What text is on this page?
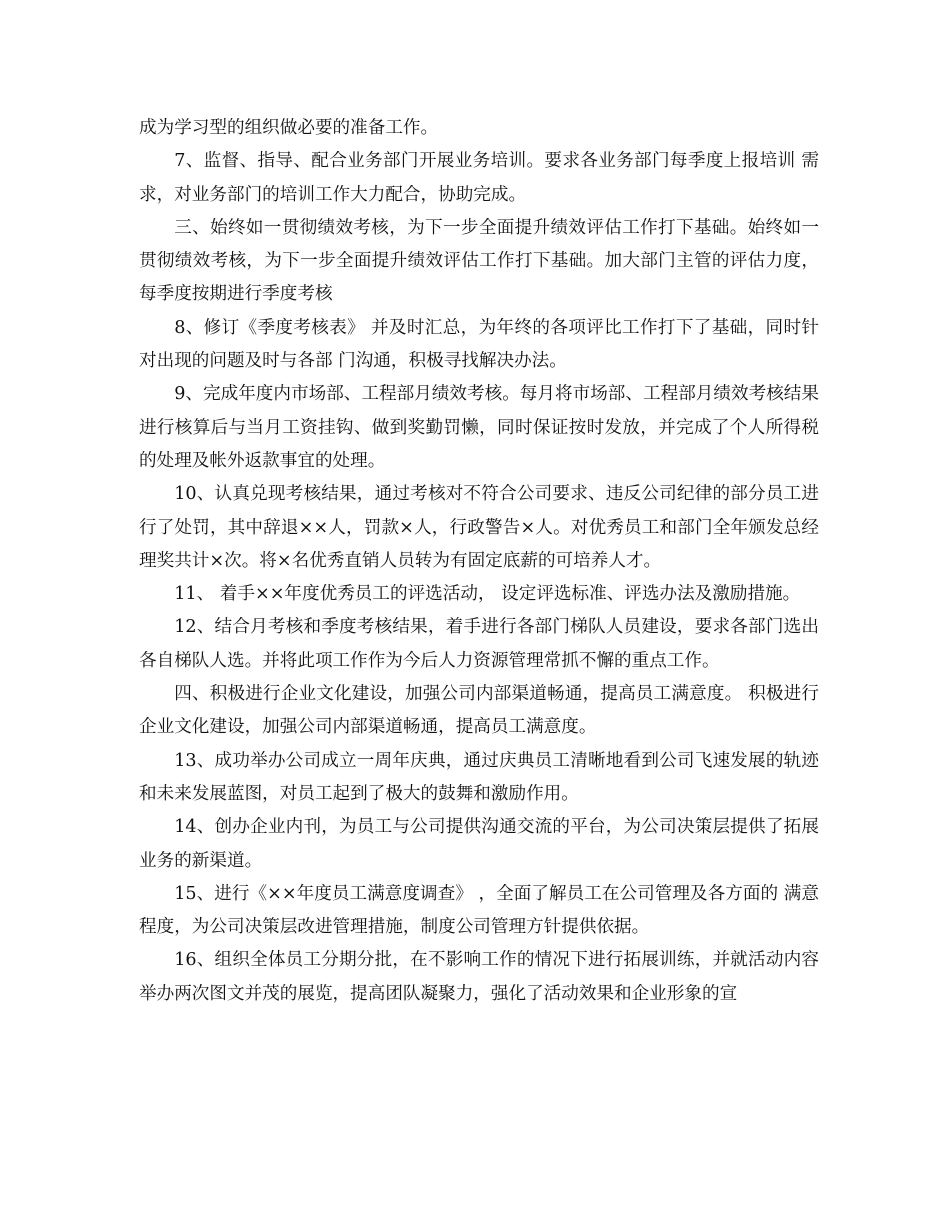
成为学习型的组织做必要的准备工作。

7、监督、指导、配合业务部门开展业务培训。要求各业务部门每季度上报培训 需求，对业务部门的培训工作大力配合，协助完成。

三、始终如一贯彻绩效考核，为下一步全面提升绩效评估工作打下基础。始终如一贯彻绩效考核，为下一步全面提升绩效评估工作打下基础。加大部门主管的评估力度，每季度按期进行季度考核

8、修订《季度考核表》 并及时汇总，为年终的各项评比工作打下了基础，同时针对出现的问题及时与各部 门沟通，积极寻找解决办法。

9、完成年度内市场部、工程部月绩效考核。每月将市场部、工程部月绩效考核结果进行核算后与当月工资挂钩、做到奖勤罚懒，同时保证按时发放，并完成了个人所得税的处理及帐外返款事宜的处理。

10、认真兑现考核结果，通过考核对不符合公司要求、违反公司纪律的部分员工进行了处罚，其中辞退××人，罚款×人，行政警告×人。对优秀员工和部门全年颁发总经理奖共计×次。将×名优秀直销人员转为有固定底薪的可培养人才。

11、 着手××年度优秀员工的评选活动， 设定评选标准、评选办法及激励措施。

12、结合月考核和季度考核结果，着手进行各部门梯队人员建设，要求各部门选出各自梯队人选。并将此项工作作为今后人力资源管理常抓不懈的重点工作。

四、积极进行企业文化建设，加强公司内部渠道畅通，提高员工满意度。 积极进行企业文化建设，加强公司内部渠道畅通，提高员工满意度。

13、成功举办公司成立一周年庆典，通过庆典员工清晰地看到公司飞速发展的轨迹和未来发展蓝图，对员工起到了极大的鼓舞和激励作用。

14、创办企业内刊，为员工与公司提供沟通交流的平台，为公司决策层提供了拓展业务的新渠道。

15、进行《××年度员工满意度调查》 ，全面了解员工在公司管理及各方面的 满意程度，为公司决策层改进管理措施，制度公司管理方针提供依据。

16、组织全体员工分期分批，在不影响工作的情况下进行拓展训练，并就活动内容举办两次图文并茂的展览，提高团队凝聚力，强化了活动效果和企业形象的宣
